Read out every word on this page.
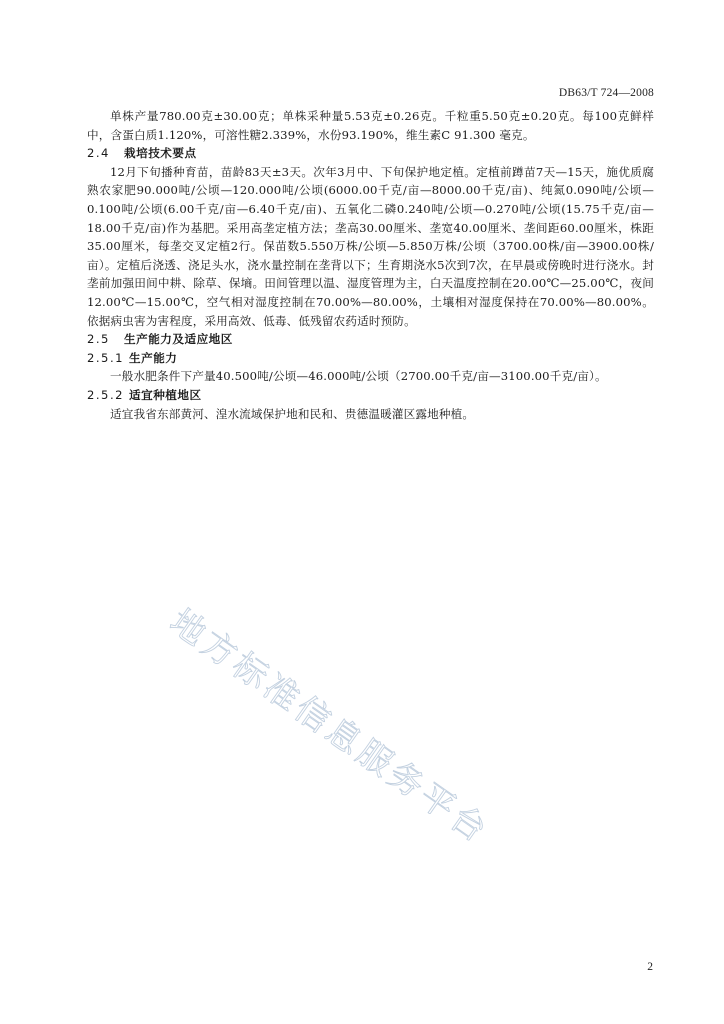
DB63/T 724—2008

单株产量780.00克±30.00克；单株采种量5.53克±0.26克。千粒重5.50克±0.20克。每100克鲜样中，含蛋白质1.120%，可溶性糖2.339%，水份93.190%，维生素C 91.300 毫克。

2.4	栽培技术要点

12月下旬播种育苗，苗龄83天±3天。次年3月中、下旬保护地定植。定植前蹲苗7天—15天，施优质腐熟农家肥90.000吨/公顷—120.000吨/公顷(6000.00千克/亩—8000.00千克/亩)、纯氮0.090吨/公顷—0.100吨/公顷(6.00千克/亩—6.40千克/亩)、五氧化二磷0.240吨/公顷—0.270吨/公顷(15.75千克/亩—18.00千克/亩)作为基肥。采用高垄定植方法；垄高30.00厘米、垄宽40.00厘米、垄间距60.00厘米，株距35.00厘米，每垄交叉定植2行。保苗数5.550万株/公顷—5.850万株/公顷（3700.00株/亩—3900.00株/亩）。定植后浇透、浇足头水，浇水量控制在垄背以下；生育期浇水5次到7次，在早晨或傍晚时进行浇水。封垄前加强田间中耕、除草、保墒。田间管理以温、湿度管理为主，白天温度控制在20.00℃—25.00℃，夜间12.00℃—15.00℃，空气相对湿度控制在70.00%—80.00%，土壤相对湿度保持在70.00%—80.00%。依据病虫害为害程度，采用高效、低毒、低残留农药适时预防。

2.5	生产能力及适应地区
2.5.1 生产能力

一般水肥条件下产量40.500吨/公顷—46.000吨/公顷（2700.00千克/亩—3100.00千克/亩）。

2.5.2 适宜种植地区

适宜我省东部黄河、湟水流域保护地和民和、贵德温暖灌区露地种植。

地方标准信息服务平台
2
